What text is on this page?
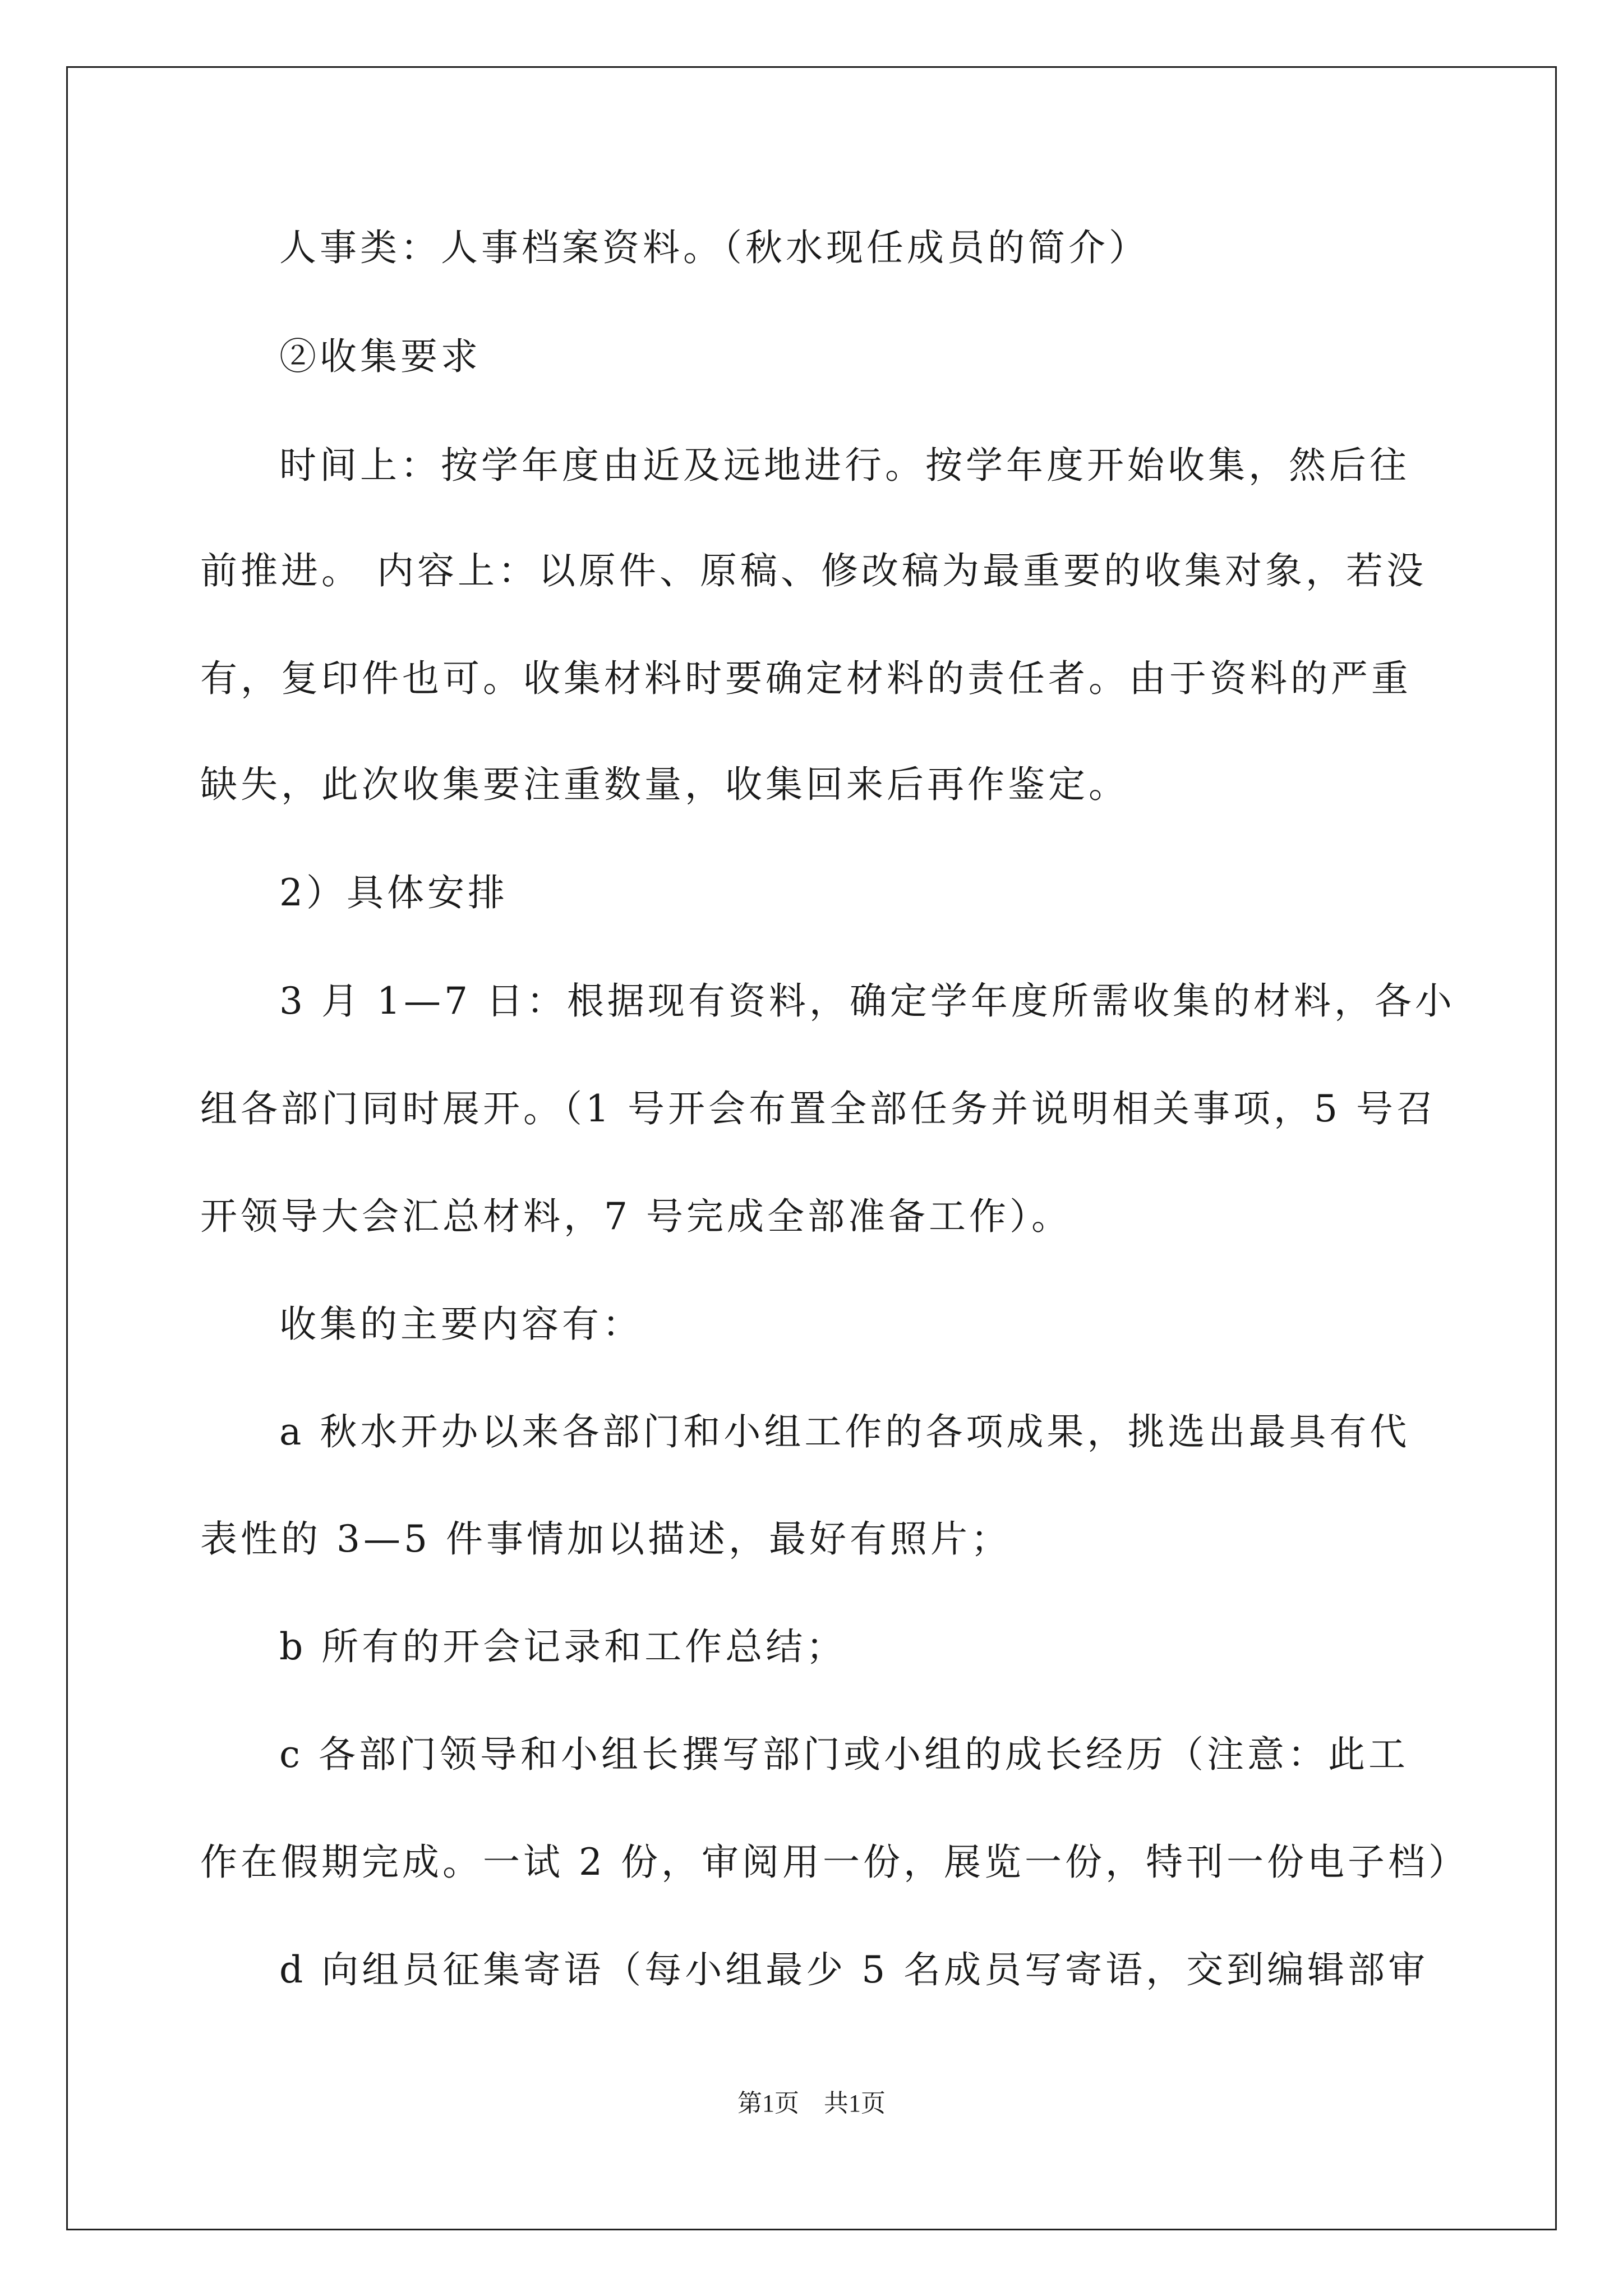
人事类：人事档案资料。（秋水现任成员的简介）
②收集要求
时间上：按学年度由近及远地进行。按学年度开始收集，然后往
前推进。 内容上：以原件、原稿、修改稿为最重要的收集对象，若没
有，复印件也可。收集材料时要确定材料的责任者。由于资料的严重
缺失，此次收集要注重数量，收集回来后再作鉴定。
2）具体安排
3 月 1—7 日：根据现有资料，确定学年度所需收集的材料，各小
组各部门同时展开。（1 号开会布置全部任务并说明相关事项，5 号召
开领导大会汇总材料，7 号完成全部准备工作）。
收集的主要内容有：
a 秋水开办以来各部门和小组工作的各项成果，挑选出最具有代
表性的 3—5 件事情加以描述，最好有照片；
b 所有的开会记录和工作总结；
c 各部门领导和小组长撰写部门或小组的成长经历（注意：此工
作在假期完成。一试 2 份，审阅用一份，展览一份，特刊一份电子档）
d 向组员征集寄语（每小组最少 5 名成员写寄语，交到编辑部审
第1页 共1页
